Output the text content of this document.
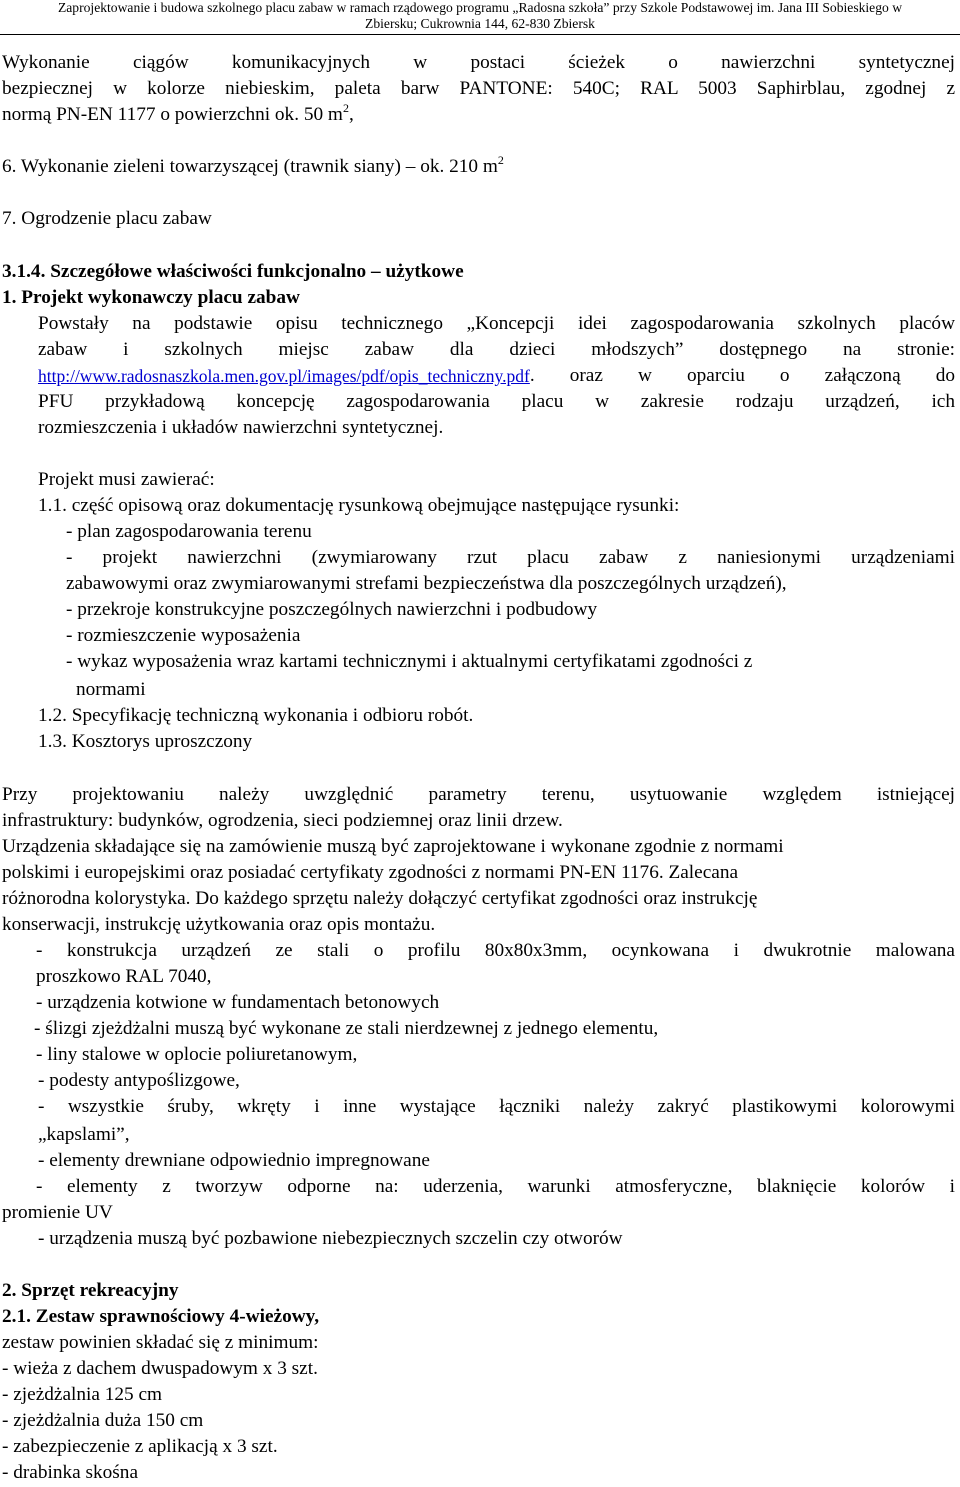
Zaprojektowanie i budowa szkolnego placu zabaw w ramach rządowego programu „Radosna szkoła” przy Szkole Podstawowej im. Jana III Sobieskiego w
Zbiersku; Cukrownia 144, 62-830 Zbiersk
Wykonanie ciągów komunikacyjnych w postaci ścieżek o nawierzchni syntetycznej
bezpiecznej w kolorze niebieskim, paleta barw PANTONE: 540C; RAL 5003 Saphirblau, zgodnej z
normą PN-EN 1177 o powierzchni ok. 50 $m^2$,
6. Wykonanie zieleni towarzyszącej (trawnik siany) – ok. 210 $m^2$
7. Ogrodzenie placu zabaw
3.1.4. Szczegółowe właściwości funkcjonalno – użytkowe
1. Projekt wykonawczy placu zabaw
Powstały na podstawie opisu technicznego „Koncepcji idei zagospodarowania szkolnych placów
zabaw i szkolnych miejsc zabaw dla dzieci młodszych” dostępnego na stronie:
http://www.radosnaszkola.men.gov.pl/images/pdf/opis_techniczny.pdf . oraz w oparciu o załączoną do
PFU przykładową koncepcję zagospodarowania placu w zakresie rodzaju urządzeń, ich
rozmieszczenia i układów nawierzchni syntetycznej.
Projekt musi zawierać:
1.1. część opisową oraz dokumentację rysunkową obejmujące następujące rysunki:
- plan zagospodarowania terenu
- projekt nawierzchni (zwymiarowany rzut placu zabaw z naniesionymi urządzeniami
zabawowymi oraz zwymiarowanymi strefami bezpieczeństwa dla poszczególnych urządzeń),
- przekroje konstrukcyjne poszczególnych nawierzchni i podbudowy
- rozmieszczenie wyposażenia
- wykaz wyposażenia wraz kartami technicznymi i aktualnymi certyfikatami zgodności z
normami
1.2. Specyfikację techniczną wykonania i odbioru robót.
1.3. Kosztorys uproszczony
Przy projektowaniu należy uwzględnić parametry terenu, usytuowanie względem istniejącej
infrastruktury: budynków, ogrodzenia, sieci podziemnej oraz linii drzew.
Urządzenia składające się na zamówienie muszą być zaprojektowane i wykonane zgodnie z normami
polskimi i europejskimi oraz posiadać certyfikaty zgodności z normami PN-EN 1176. Zalecana
różnorodna kolorystyka. Do każdego sprzętu należy dołączyć certyfikat zgodności oraz instrukcję
konserwacji, instrukcję użytkowania oraz opis montażu.
- konstrukcja urządzeń ze stali o profilu 80x80x3mm, ocynkowana i dwukrotnie malowana
proszkowo RAL 7040,
- urządzenia kotwione w fundamentach betonowych
- ślizgi zjeżdżalni muszą być wykonane ze stali nierdzewnej z jednego elementu,
- liny stalowe w oplocie poliuretanowym,
- podesty antypoślizgowe,
- wszystkie śruby, wkręty i inne wystające łączniki należy zakryć plastikowymi kolorowymi
„kapslami”,
- elementy drewniane odpowiednio impregnowane
- elementy z tworzyw odporne na: uderzenia, warunki atmosferyczne, blaknięcie kolorów i
promienie UV
- urządzenia muszą być pozbawione niebezpiecznych szczelin czy otworów
2. Sprzęt rekreacyjny
2.1. Zestaw sprawnościowy 4-wieżowy,
zestaw powinien składać się z minimum:
- wieża z dachem dwuspadowym x 3 szt.
- zjeżdżalnia 125 cm
- zjeżdżalnia duża 150 cm
- zabezpieczenie z aplikacją x 3 szt.
- drabinka skośna
